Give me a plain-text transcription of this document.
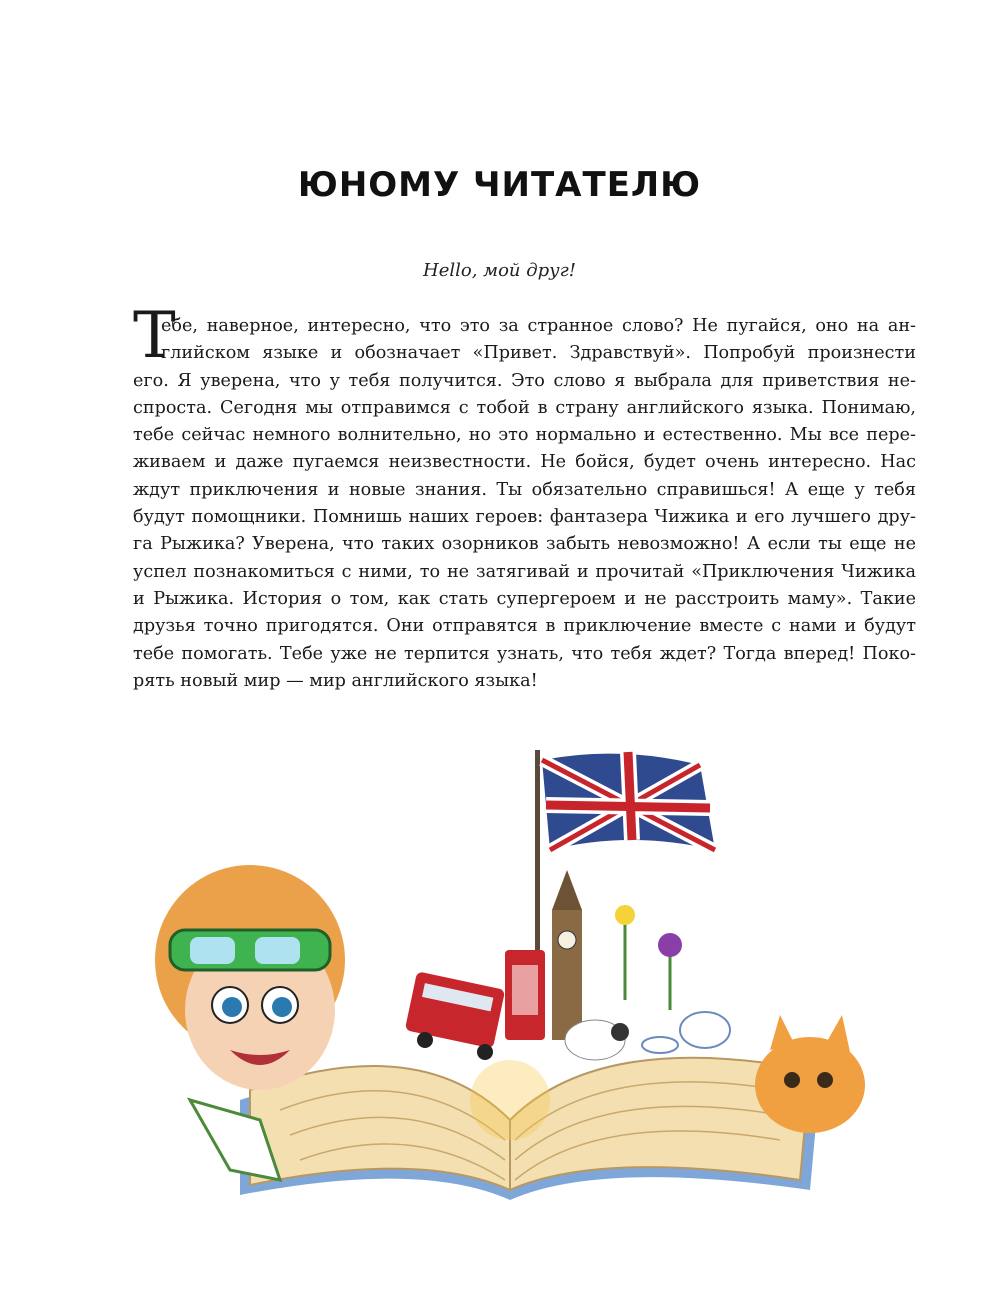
ЮНОМУ ЧИТАТЕЛЮ
Hello, мой друг!
Т
ебе, наверное, интересно, что это за странное слово? Не пугайся, оно на ан-
глийском языке и обозначает «Привет. Здравствуй». Попробуй произнести
его. Я уверена, что у тебя получится. Это слово я выбрала для приветствия не-
спроста. Сегодня мы отправимся с тобой в страну английского языка. Понимаю,
тебе сейчас немного волнительно, но это нормально и естественно. Мы все пере-
живаем и даже пугаемся неизвестности. Не бойся, будет очень интересно. Нас
ждут приключения и новые знания. Ты обязательно справишься! А еще у тебя
будут помощники. Помнишь наших героев: фантазера Чижика и его лучшего дру-
га Рыжика? Уверена, что таких озорников забыть невозможно! А если ты еще не
успел познакомиться с ними, то не затягивай и прочитай «Приключения Чижика
и Рыжика. История о том, как стать супергероем и не расстроить маму». Такие
друзья точно пригодятся. Они отправятся в приключение вместе с нами и будут
тебе помогать. Тебе уже не терпится узнать, что тебя ждет? Тогда вперед! Поко-
рять новый мир — мир английского языка!
